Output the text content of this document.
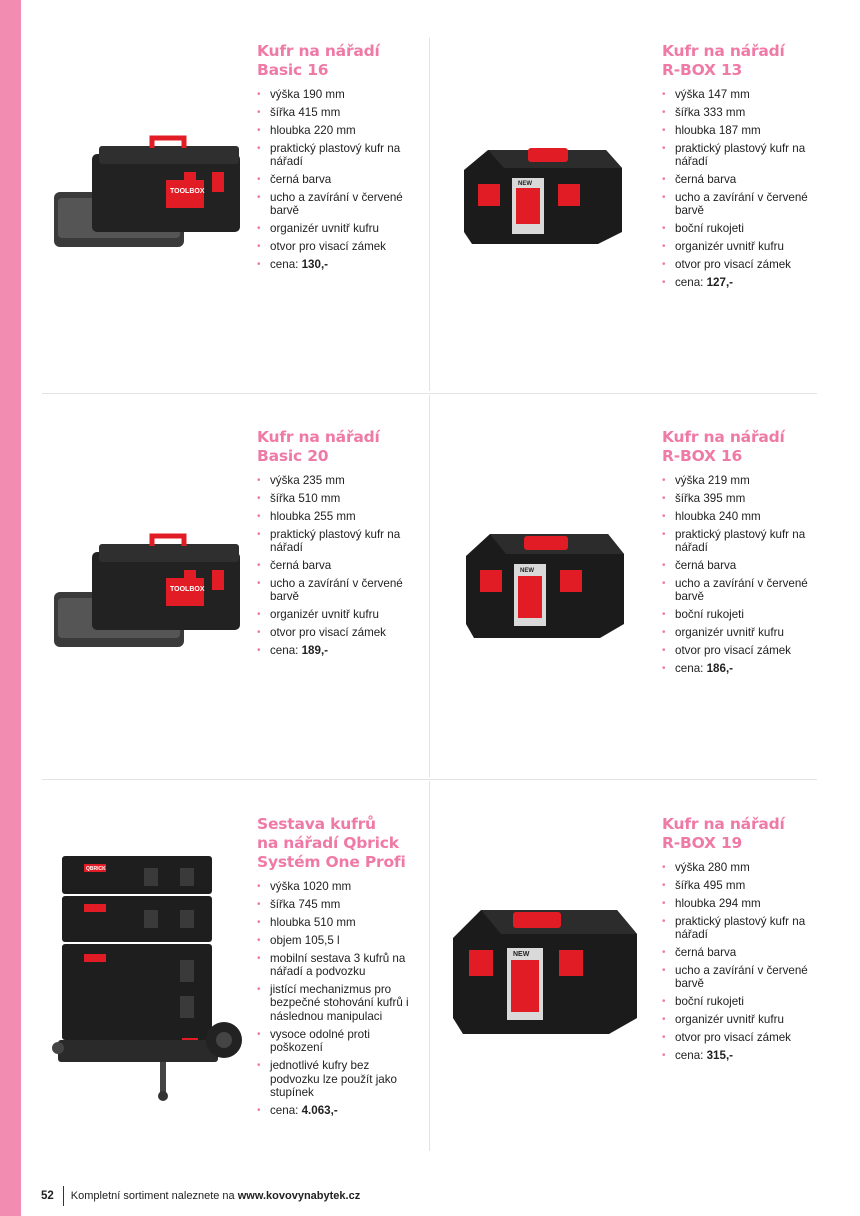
TOOLBOX
Kufr na nářadí
Basic 16
• výška 190 mm
• šířka 415 mm
• hloubka 220 mm
• praktický plastový kufr na nářadí
• černá barva
• ucho a zavírání v červené barvě
• organizér uvnitř kufru
• otvor pro visací zámek
• cena: 130,-
NEW
Kufr na nářadí
R-BOX 13
• výška 147 mm
• šířka 333 mm
• hloubka 187 mm
• praktický plastový kufr na nářadí
• černá barva
• ucho a zavírání v červené barvě
• boční rukojeti
• organizér uvnitř kufru
• otvor pro visací zámek
• cena: 127,-
TOOLBOX
Kufr na nářadí
Basic 20
• výška 235 mm
• šířka 510 mm
• hloubka 255 mm
• praktický plastový kufr na nářadí
• černá barva
• ucho a zavírání v červené barvě
• organizér uvnitř kufru
• otvor pro visací zámek
• cena: 189,-
NEW
Kufr na nářadí
R-BOX 16
• výška 219 mm
• šířka 395 mm
• hloubka 240 mm
• praktický plastový kufr na nářadí
• černá barva
• ucho a zavírání v červené barvě
• boční rukojeti
• organizér uvnitř kufru
• otvor pro visací zámek
• cena: 186,-
QBRICK
Sestava kufrů
na nářadí Qbrick
Systém One Profi
• výška 1020 mm
• šířka 745 mm
• hloubka 510 mm
• objem 105,5 l
• mobilní sestava 3 kufrů na nářadí a podvozku
• jistící mechanizmus pro bezpečné stohování kufrů i následnou manipulaci
• vysoce odolné proti poškození
• jednotlivé kufry bez podvozku lze použít jako stupínek
• cena: 4.063,-
NEW
Kufr na nářadí
R-BOX 19
• výška 280 mm
• šířka 495 mm
• hloubka 294 mm
• praktický plastový kufr na nářadí
• černá barva
• ucho a zavírání v červené barvě
• boční rukojeti
• organizér uvnitř kufru
• otvor pro visací zámek
• cena: 315,-
52 Kompletní sortiment naleznete na
www.kovovynabytek.cz
